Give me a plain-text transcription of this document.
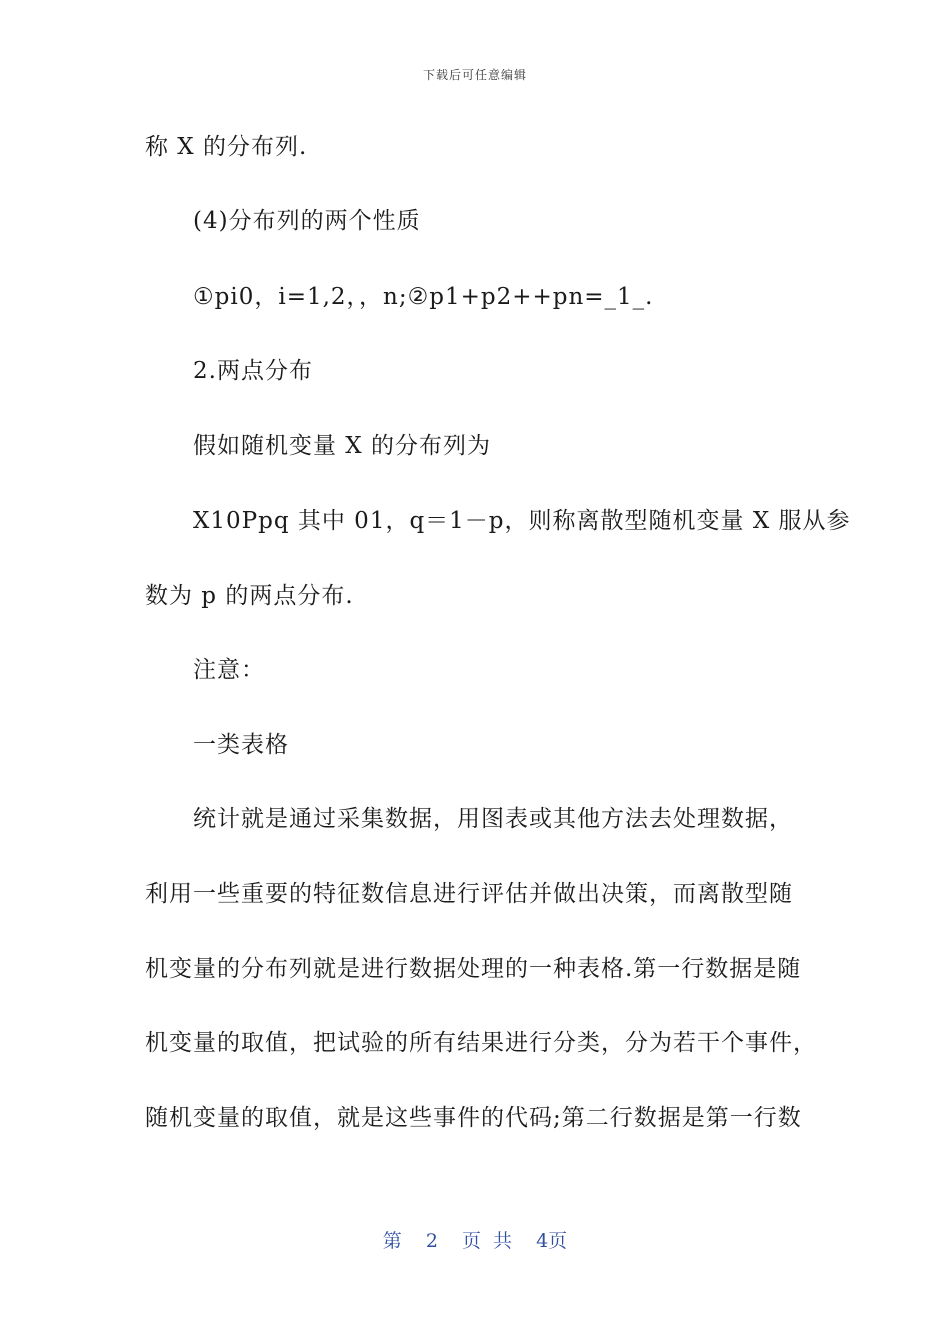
下载后可任意编辑
称 X 的分布列.
(4)分布列的两个性质
①pi0，i=1,2，，n;②p1+p2++pn=_1_.
2.两点分布
假如随机变量 X 的分布列为
X10Ppq 其中 01，q＝1－p，则称离散型随机变量 X 服从参
数为 p 的两点分布.
注意：
一类表格
统计就是通过采集数据，用图表或其他方法去处理数据，
利用一些重要的特征数信息进行评估并做出决策，而离散型随
机变量的分布列就是进行数据处理的一种表格.第一行数据是随
机变量的取值，把试验的所有结果进行分类，分为若干个事件，
随机变量的取值，就是这些事件的代码;第二行数据是第一行数
第 2 页 共 4页
